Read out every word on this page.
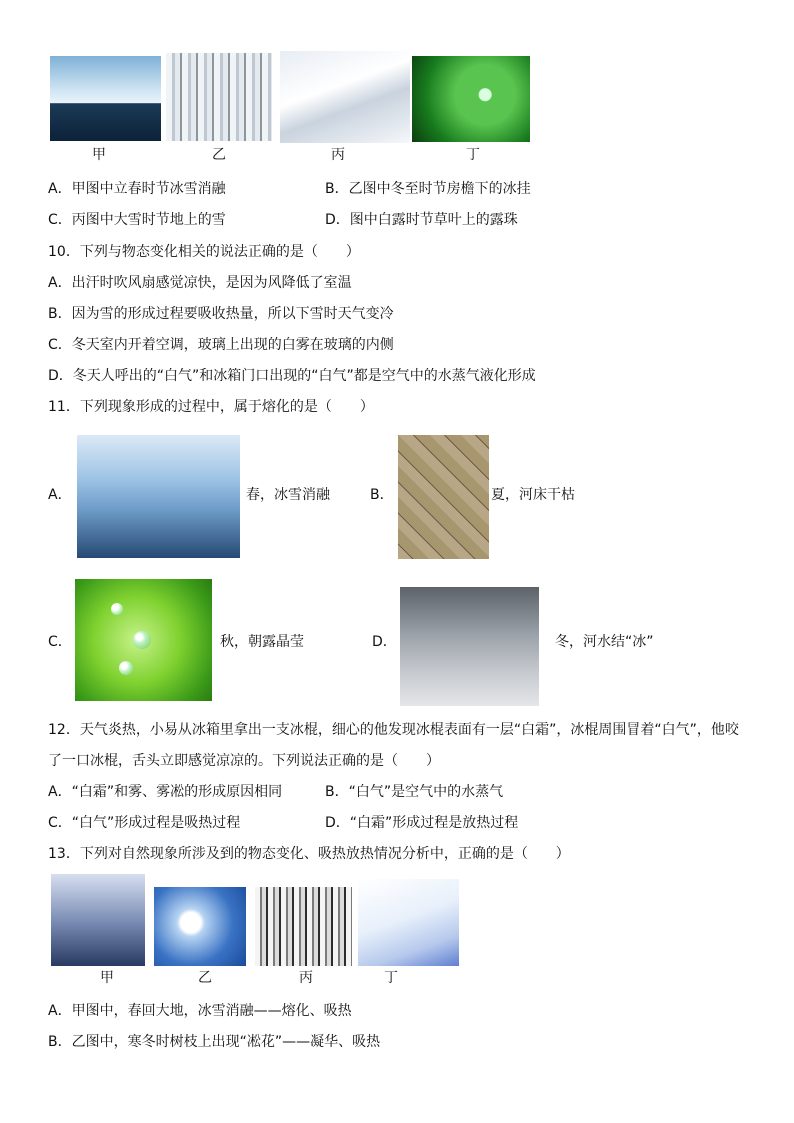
甲	乙	丙	丁
A．甲图中立春时节冰雪消融	B．乙图中冬至时节房檐下的冰挂
C．丙图中大雪时节地上的雪	D．图中白露时节草叶上的露珠
10．下列与物态变化相关的说法正确的是（　　）
A．出汗时吹风扇感觉凉快，是因为风降低了室温
B．因为雪的形成过程要吸收热量，所以下雪时天气变冷
C．冬天室内开着空调，玻璃上出现的白雾在玻璃的内侧
D．冬天人呼出的“白气”和冰箱门口出现的“白气”都是空气中的水蒸气液化形成
11．下列现象形成的过程中，属于熔化的是（　　）
A．	春，冰雪消融	B．	夏，河床干枯
C．	秋，朝露晶莹	D．	冬，河水结“冰”
12．天气炎热，小易从冰箱里拿出一支冰棍，细心的他发现冰棍表面有一层“白霜”，冰棍周围冒着“白气”，他咬
了一口冰棍，舌头立即感觉凉凉的。下列说法正确的是（　　）
A．“白霜”和雾、雾凇的形成原因相同	B．“白气”是空气中的水蒸气
C．“白气”形成过程是吸热过程	D．“白霜”形成过程是放热过程
13．下列对自然现象所涉及到的物态变化、吸热放热情况分析中，正确的是（　　）
甲	乙	丙	丁
A．甲图中，春回大地，冰雪消融——熔化、吸热
B．乙图中，寒冬时树枝上出现“凇花”——凝华、吸热
